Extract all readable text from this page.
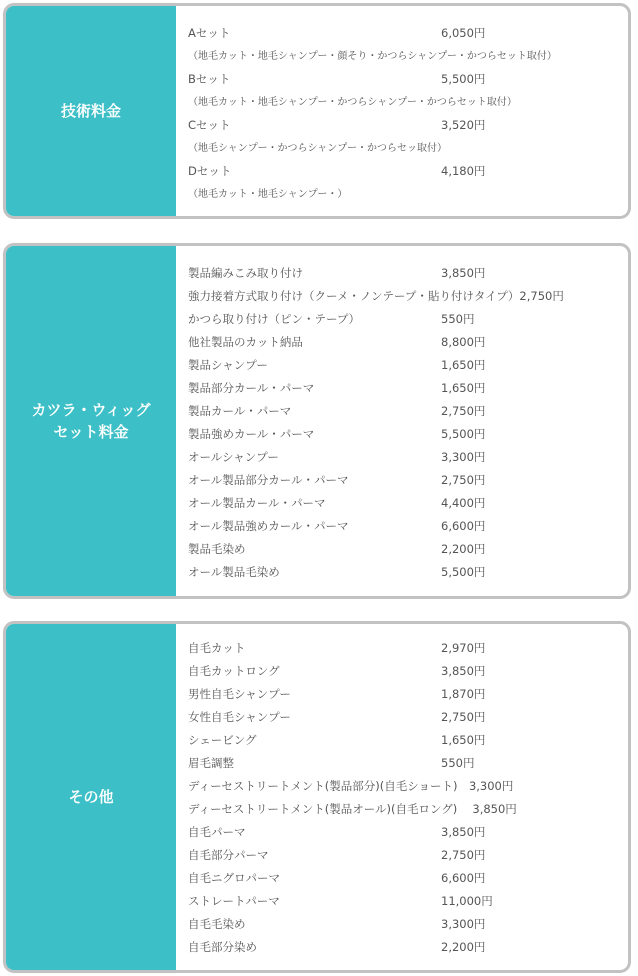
技術料金
Aセット	6,050円
（地毛カット・地毛シャンプー・顔そり・かつらシャンプー・かつらセット取付）
Bセット	5,500円
（地毛カット・地毛シャンプー・かつらシャンプー・かつらセット取付）
Cセット	3,520円
（地毛シャンプー・かつらシャンプー・かつらセッ取付）
Dセット	4,180円
（地毛カット・地毛シャンプー・）
カツラ・ウィッグ
セット料金
製品編みこみ取り付け	3,850円
強力接着方式取り付け（クーメ・ノンテープ・貼り付けタイプ）2,750円
かつら取り付け（ピン・テープ）	550円
他社製品のカット納品	8,800円
製品シャンプー	1,650円
製品部分カール・パーマ	1,650円
製品カール・パーマ	2,750円
製品強めカール・パーマ	5,500円
オールシャンプー	3,300円
オール製品部分カール・パーマ	2,750円
オール製品カール・パーマ	4,400円
オール製品強めカール・パーマ	6,600円
製品毛染め	2,200円
オール製品毛染め	5,500円
その他
自毛カット	2,970円
自毛カットロング	3,850円
男性自毛シャンプー	1,870円
女性自毛シャンプー	2,750円
シェービング	1,650円
眉毛調整	550円
ディーセストリートメント(製品部分)(自毛ショート)　3,300円
ディーセストリートメント(製品オール)(自毛ロング)　 3,850円
自毛パーマ	3,850円
自毛部分パーマ	2,750円
自毛ニグロパーマ	6,600円
ストレートパーマ	11,000円
自毛毛染め	3,300円
自毛部分染め	2,200円
